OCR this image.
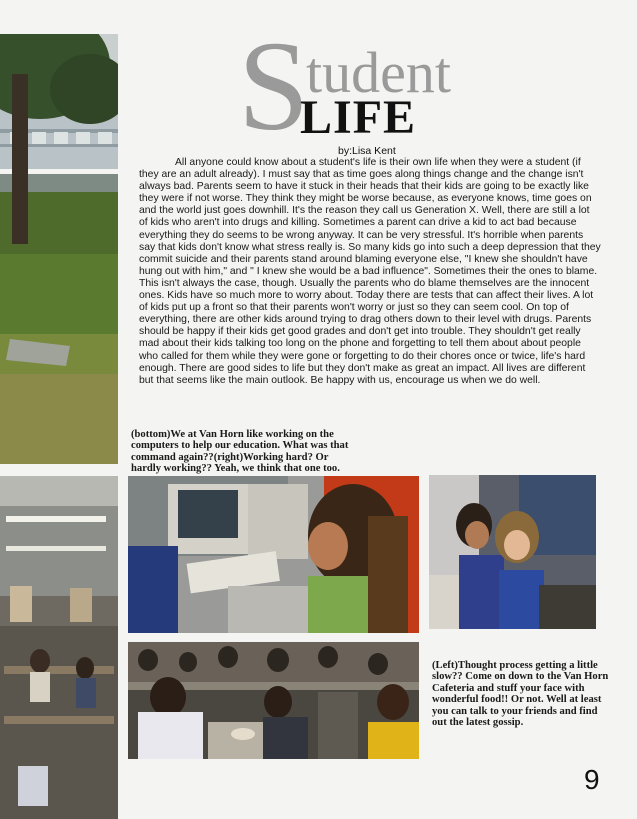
S
tudent
LIFE
by:Lisa Kent

All anyone could know about a student's life is their own life when they were a student (if they are an adult already). I must say that as time goes along things change and the change isn't always bad. Parents seem to have it stuck in their heads that their kids are going to be exactly like they were if not worse. They think they might be worse because, as everyone knows, time goes on and the world just goes downhill. It's the reason they call us Generation X. Well, there are still a lot of kids who aren't into drugs and killing. Sometimes a parent can drive a kid to act bad because everything they do seems to be wrong anyway. It can be very stressful. It's horrible when parents say that kids don't know what stress really is. So many kids go into such a deep depression that they commit suicide and their parents stand around blaming everyone else, "I knew she shouldn't have hung out with him," and " I knew she would be a bad influence". Sometimes their the ones to blame. This isn't always the case, though. Usually the parents who do blame themselves are the innocent ones. Kids have so much more to worry about. Today there are tests that can affect their lives. A lot of kids put up a front so that their parents won't worry or just so they can seem cool. On top of everything, there are other kids around trying to drag others down to their level with drugs. Parents should be happy if their kids get good grades and don't get into trouble. They shouldn't get really mad about their kids talking too long on the phone and forgetting to tell them about about people who called for them while they were gone or forgetting to do their chores once or twice, life's hard enough. There are good sides to life but they don't make as great an impact. All lives are different but that seems like the main outlook. Be happy with us, encourage us when we do well.

(bottom)We at Van Horn like working on the computers to help our education. What was that command again??(right)Working hard? Or hardly working?? Yeah, we think that one too.

(Left)Thought process getting a little slow?? Come on down to the Van Horn Cafeteria and stuff your face with wonderful food!! Or not. Well at least you can talk to your friends and find out the latest gossip.

9
